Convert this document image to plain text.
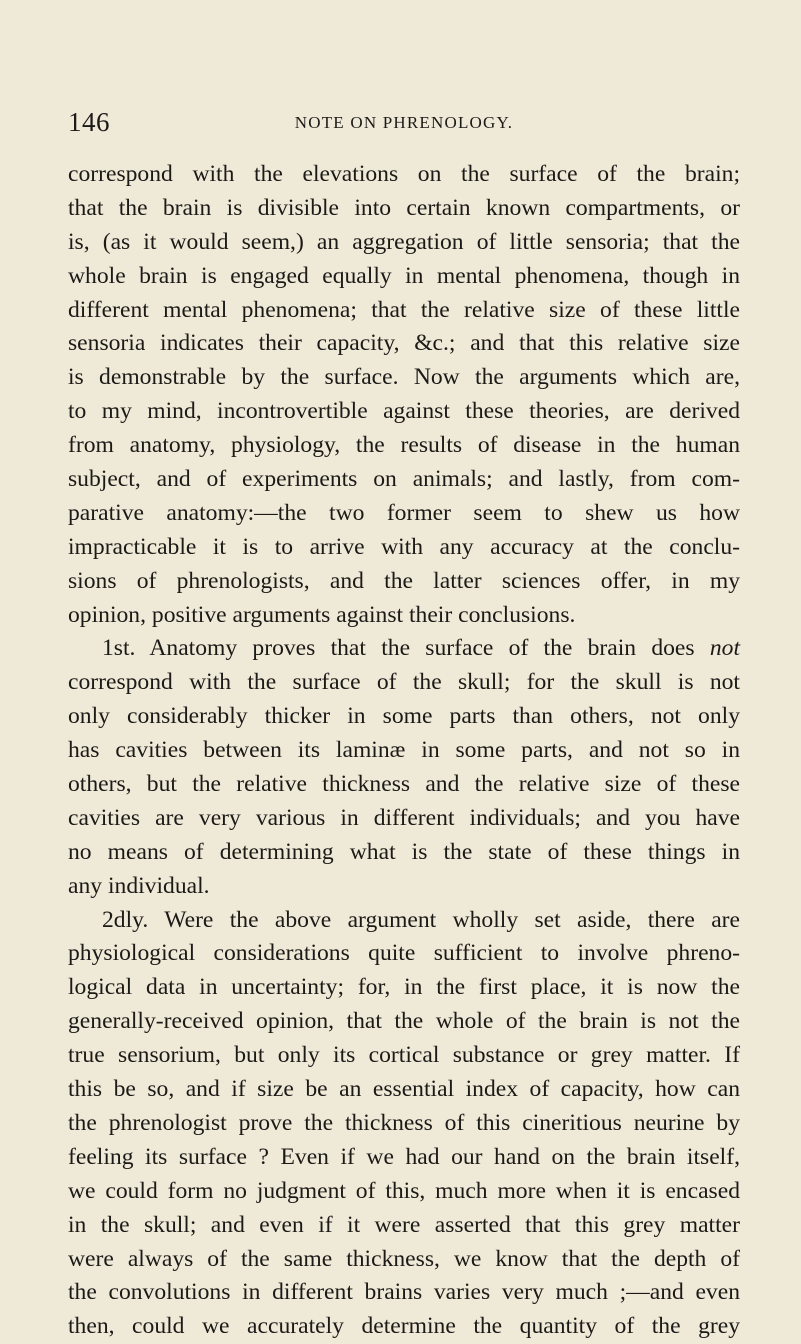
146	NOTE ON PHRENOLOGY.
correspond with the elevations on the surface of the brain;
that the brain is divisible into certain known compartments, or
is, (as it would seem,) an aggregation of little sensoria; that the
whole brain is engaged equally in mental phenomena, though in
different mental phenomena; that the relative size of these little
sensoria indicates their capacity, &c.; and that this relative size
is demonstrable by the surface. Now the arguments which are,
to my mind, incontrovertible against these theories, are derived
from anatomy, physiology, the results of disease in the human
subject, and of experiments on animals; and lastly, from com-
parative anatomy:—the two former seem to shew us how
impracticable it is to arrive with any accuracy at the conclu-
sions of phrenologists, and the latter sciences offer, in my
opinion, positive arguments against their conclusions.
1st. Anatomy proves that the surface of the brain does not
correspond with the surface of the skull; for the skull is not
only considerably thicker in some parts than others, not only
has cavities between its laminæ in some parts, and not so in
others, but the relative thickness and the relative size of these
cavities are very various in different individuals; and you have
no means of determining what is the state of these things in
any individual.
2dly. Were the above argument wholly set aside, there are
physiological considerations quite sufficient to involve phreno-
logical data in uncertainty; for, in the first place, it is now the
generally-received opinion, that the whole of the brain is not the
true sensorium, but only its cortical substance or grey matter. If
this be so, and if size be an essential index of capacity, how can
the phrenologist prove the thickness of this cineritious neurine by
feeling its surface ? Even if we had our hand on the brain itself,
we could form no judgment of this, much more when it is encased
in the skull; and even if it were asserted that this grey matter
were always of the same thickness, we know that the depth of
the convolutions in different brains varies very much ;—and even
then, could we accurately determine the quantity of the grey
